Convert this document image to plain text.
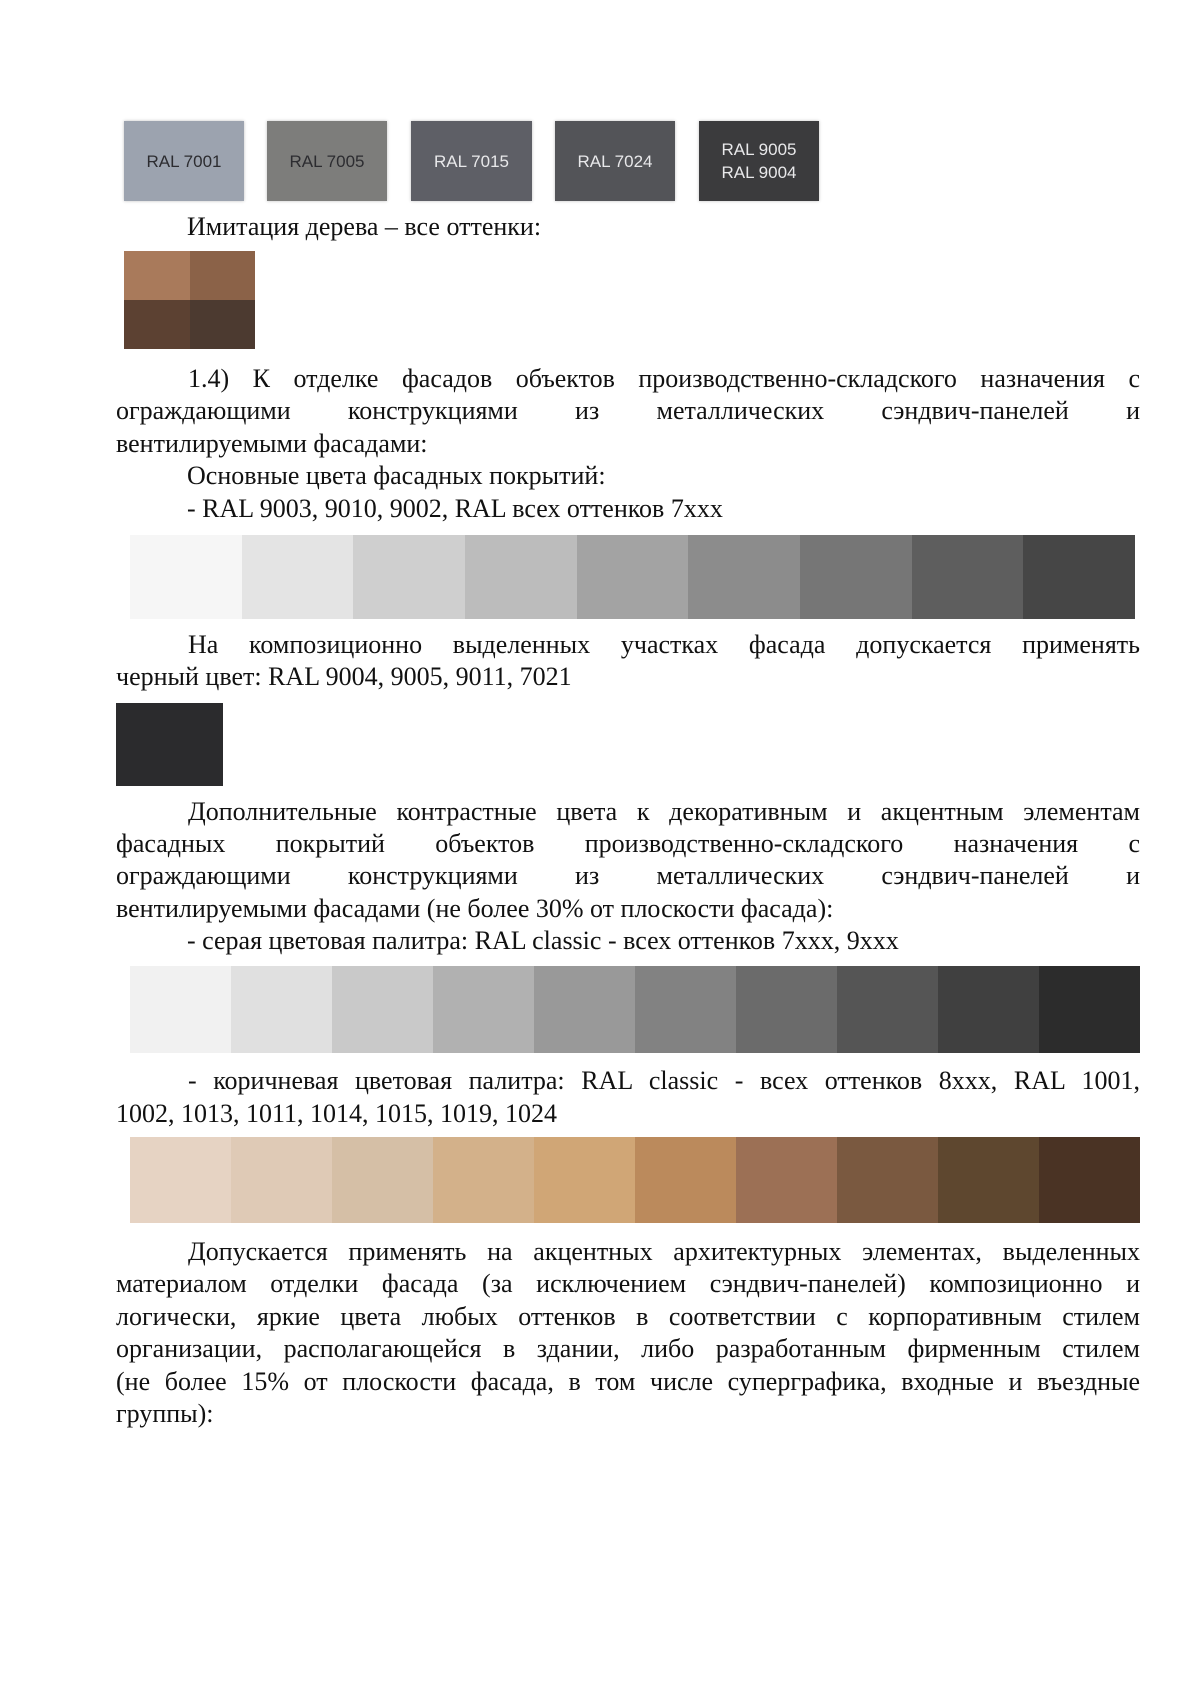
RAL 7001	RAL 7005	RAL 7015	RAL 7024
RAL 9005
RAL 9004
Имитация дерева – все оттенки:
1.4) К отделке фасадов объектов производственно-складского назначения с
ограждающими конструкциями из металлических сэндвич-панелей и
вентилируемыми фасадами:
Основные цвета фасадных покрытий:
- RAL 9003, 9010, 9002, RAL всех оттенков 7ххх
На композиционно выделенных участках фасада допускается применять
черный цвет: RAL 9004, 9005, 9011, 7021
Дополнительные контрастные цвета к декоративным и акцентным элементам
фасадных покрытий объектов производственно-складского назначения с
ограждающими конструкциями из металлических сэндвич-панелей и
вентилируемыми фасадами (не более 30% от плоскости фасада):
- серая цветовая палитра: RAL classic - всех оттенков 7ххх, 9ххх
- коричневая цветовая палитра: RAL classic - всех оттенков 8ххх, RAL 1001,
1002, 1013, 1011, 1014, 1015, 1019, 1024
Допускается применять на акцентных архитектурных элементах, выделенных
материалом отделки фасада (за исключением сэндвич-панелей) композиционно и
логически, яркие цвета любых оттенков в соответствии с корпоративным стилем
организации, располагающейся в здании, либо разработанным фирменным стилем
(не более 15% от плоскости фасада, в том числе суперграфика, входные и въездные
группы):
